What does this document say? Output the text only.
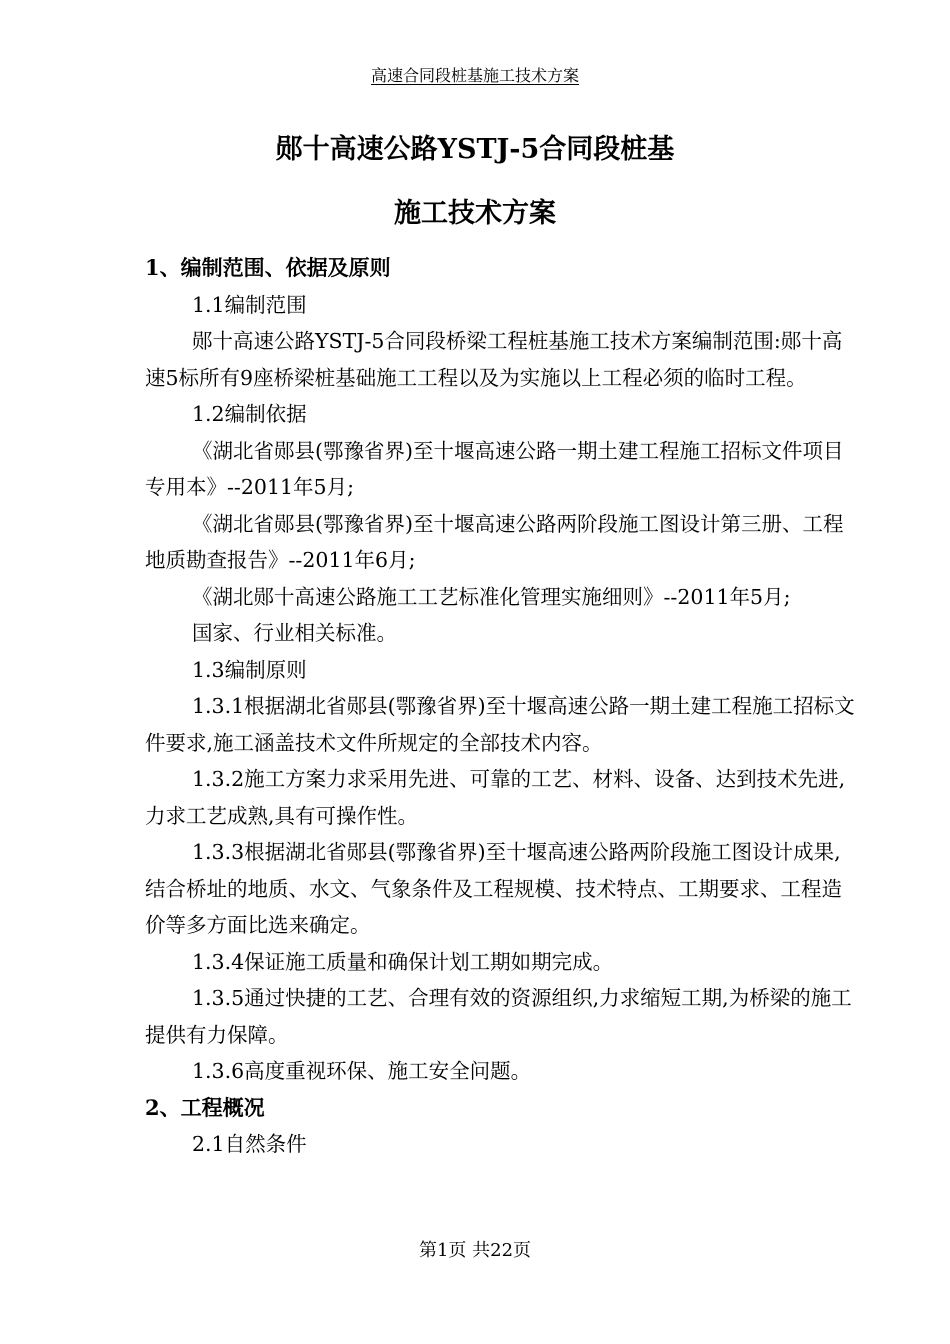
高速合同段桩基施工技术方案
郧十高速公路YSTJ-5合同段桩基
施工技术方案

1、编制范围、依据及原则

1.1编制范围

郧十高速公路YSTJ-5合同段桥梁工程桩基施工技术方案编制范围:郧十高速5标所有9座桥梁桩基础施工工程以及为实施以上工程必须的临时工程。

1.2编制依据

《湖北省郧县(鄂豫省界)至十堰高速公路一期土建工程施工招标文件项目专用本》--2011年5月;

《湖北省郧县(鄂豫省界)至十堰高速公路两阶段施工图设计第三册、工程地质勘查报告》--2011年6月;

《湖北郧十高速公路施工工艺标准化管理实施细则》--2011年5月;

国家、行业相关标准。

1.3编制原则

1.3.1根据湖北省郧县(鄂豫省界)至十堰高速公路一期土建工程施工招标文件要求,施工涵盖技术文件所规定的全部技术内容。

1.3.2施工方案力求采用先进、可靠的工艺、材料、设备、达到技术先进,力求工艺成熟,具有可操作性。

1.3.3根据湖北省郧县(鄂豫省界)至十堰高速公路两阶段施工图设计成果,结合桥址的地质、水文、气象条件及工程规模、技术特点、工期要求、工程造价等多方面比选来确定。

1.3.4保证施工质量和确保计划工期如期完成。

1.3.5通过快捷的工艺、合理有效的资源组织,力求缩短工期,为桥梁的施工提供有力保障。

1.3.6高度重视环保、施工安全问题。

2、工程概况

2.1自然条件

第1页 共22页
